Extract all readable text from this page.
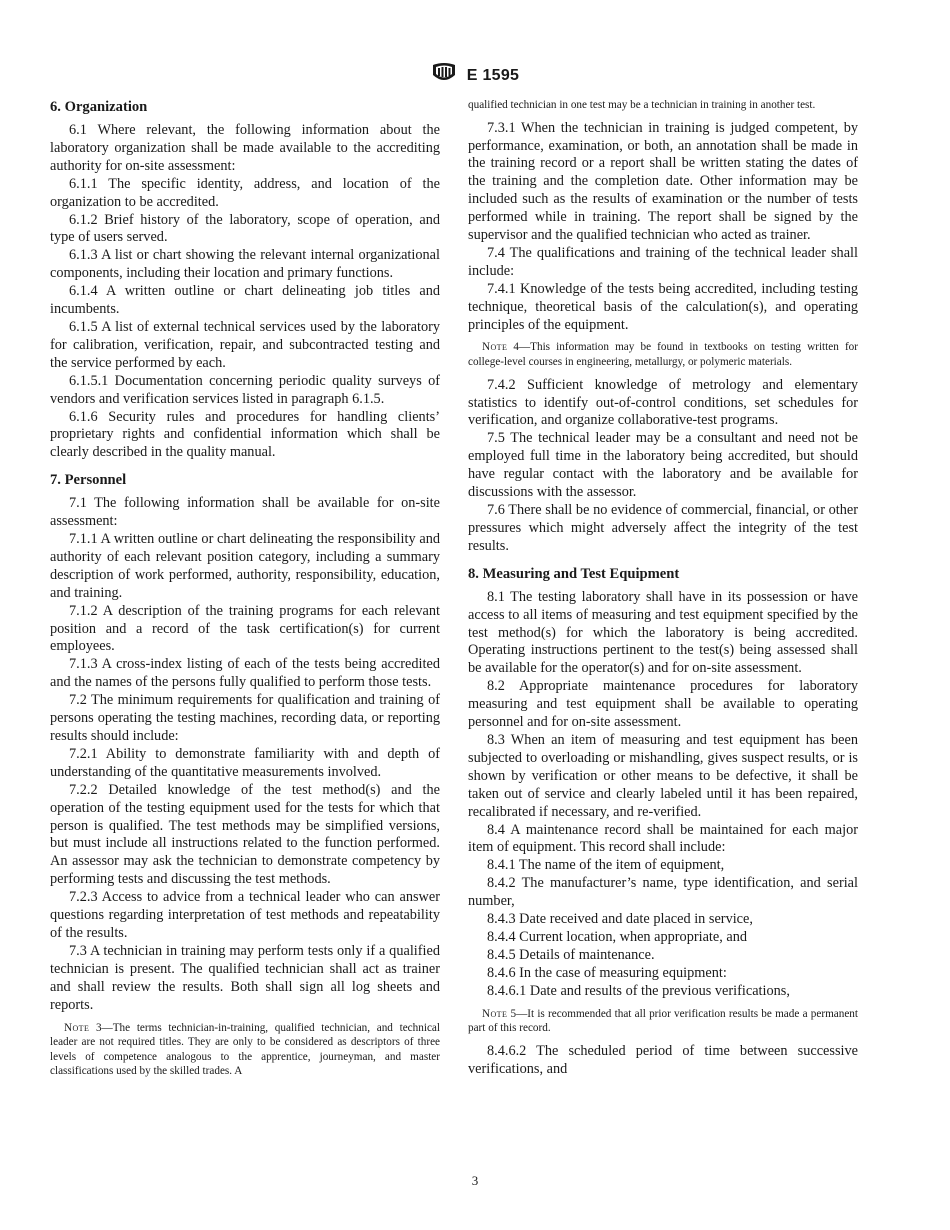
E 1595
6. Organization

6.1 Where relevant, the following information about the laboratory organization shall be made available to the accrediting authority for on-site assessment:

6.1.1 The specific identity, address, and location of the organization to be accredited.

6.1.2 Brief history of the laboratory, scope of operation, and type of users served.

6.1.3 A list or chart showing the relevant internal organizational components, including their location and primary functions.

6.1.4 A written outline or chart delineating job titles and incumbents.

6.1.5 A list of external technical services used by the laboratory for calibration, verification, repair, and subcontracted testing and the service performed by each.

6.1.5.1 Documentation concerning periodic quality surveys of vendors and verification services listed in paragraph 6.1.5.

6.1.6 Security rules and procedures for handling clients’ proprietary rights and confidential information which shall be clearly described in the quality manual.

7. Personnel

7.1 The following information shall be available for on-site assessment:

7.1.1 A written outline or chart delineating the responsibility and authority of each relevant position category, including a summary description of work performed, authority, responsibility, education, and training.

7.1.2 A description of the training programs for each relevant position and a record of the task certification(s) for current employees.

7.1.3 A cross-index listing of each of the tests being accredited and the names of the persons fully qualified to perform those tests.

7.2 The minimum requirements for qualification and training of persons operating the testing machines, recording data, or reporting results should include:

7.2.1 Ability to demonstrate familiarity with and depth of understanding of the quantitative measurements involved.

7.2.2 Detailed knowledge of the test method(s) and the operation of the testing equipment used for the tests for which that person is qualified. The test methods may be simplified versions, but must include all instructions related to the function performed. An assessor may ask the technician to demonstrate competency by performing tests and discussing the test methods.

7.2.3 Access to advice from a technical leader who can answer questions regarding interpretation of test methods and repeatability of the results.

7.3 A technician in training may perform tests only if a qualified technician is present. The qualified technician shall act as trainer and shall review the results. Both shall sign all log sheets and reports.

Note 3—The terms technician-in-training, qualified technician, and technical leader are not required titles. They are only to be considered as descriptors of three levels of competence analogous to the apprentice, journeyman, and master classifications used by the skilled trades. A

qualified technician in one test may be a technician in training in another test.

7.3.1 When the technician in training is judged competent, by performance, examination, or both, an annotation shall be made in the training record or a report shall be written stating the dates of the training and the completion date. Other information may be included such as the results of examination or the number of tests performed while in training. The report shall be signed by the supervisor and the qualified technician who acted as trainer.

7.4 The qualifications and training of the technical leader shall include:

7.4.1 Knowledge of the tests being accredited, including testing technique, theoretical basis of the calculation(s), and operating principles of the equipment.

Note 4—This information may be found in textbooks on testing written for college-level courses in engineering, metallurgy, or polymeric materials.

7.4.2 Sufficient knowledge of metrology and elementary statistics to identify out-of-control conditions, set schedules for verification, and organize collaborative-test programs.

7.5 The technical leader may be a consultant and need not be employed full time in the laboratory being accredited, but should have regular contact with the laboratory and be available for discussions with the assessor.

7.6 There shall be no evidence of commercial, financial, or other pressures which might adversely affect the integrity of the test results.

8. Measuring and Test Equipment

8.1 The testing laboratory shall have in its possession or have access to all items of measuring and test equipment specified by the test method(s) for which the laboratory is being accredited. Operating instructions pertinent to the test(s) being assessed shall be available for the operator(s) and for on-site assessment.

8.2 Appropriate maintenance procedures for laboratory measuring and test equipment shall be available to operating personnel and for on-site assessment.

8.3 When an item of measuring and test equipment has been subjected to overloading or mishandling, gives suspect results, or is shown by verification or other means to be defective, it shall be taken out of service and clearly labeled until it has been repaired, recalibrated if necessary, and re-verified.

8.4 A maintenance record shall be maintained for each major item of equipment. This record shall include:

8.4.1 The name of the item of equipment,

8.4.2 The manufacturer’s name, type identification, and serial number,

8.4.3 Date received and date placed in service,

8.4.4 Current location, when appropriate, and

8.4.5 Details of maintenance.

8.4.6 In the case of measuring equipment:

8.4.6.1 Date and results of the previous verifications,

Note 5—It is recommended that all prior verification results be made a permanent part of this record.

8.4.6.2 The scheduled period of time between successive verifications, and

3
